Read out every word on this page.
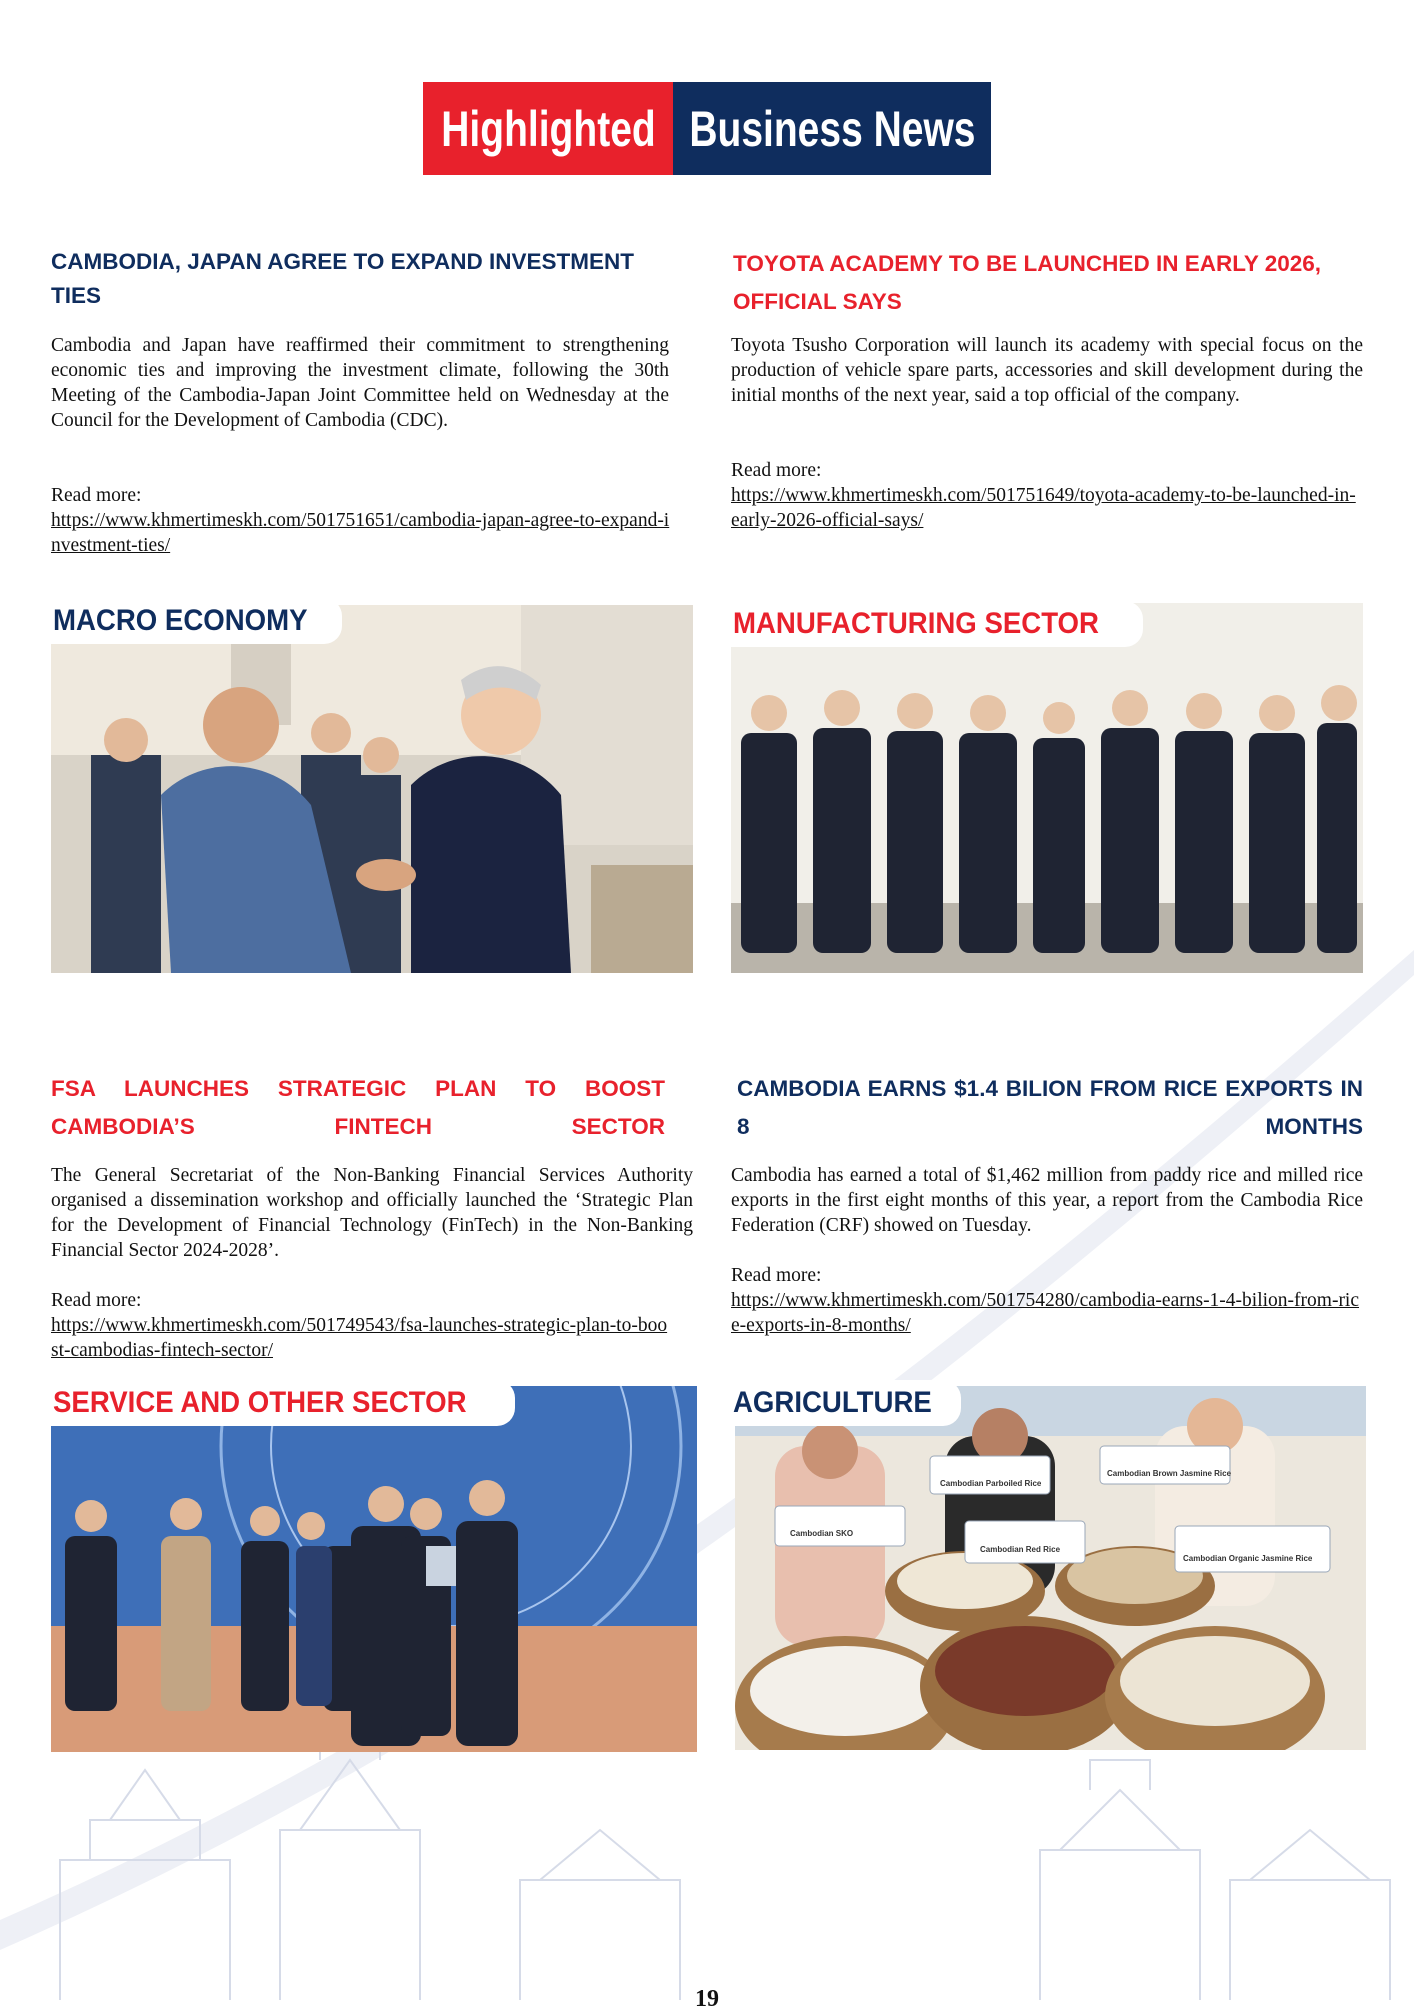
Highlighted Business News
CAMBODIA, JAPAN AGREE TO EXPAND INVESTMENT TIES
Cambodia and Japan have reaffirmed their commitment to strengthening economic ties and improving the investment climate, following the 30th Meeting of the Cambodia-Japan Joint Committee held on Wednesday at the Council for the Development of Cambodia (CDC).
Read more:
https://www.khmertimeskh.com/501751651/cambodia-japan-agree-to-expand-investment-ties/
TOYOTA ACADEMY TO BE LAUNCHED IN EARLY 2026, OFFICIAL SAYS
Toyota Tsusho Corporation will launch its academy with special focus on the production of vehicle spare parts, accessories and skill development during the initial months of the next year, said a top official of the company.
Read more:
https://www.khmertimeskh.com/501751649/toyota-academy-to-be-launched-in-early-2026-official-says/
MACRO ECONOMY	MANUFACTURING SECTOR
FSA LAUNCHES STRATEGIC PLAN TO BOOST CAMBODIA’S FINTECH SECTOR
The General Secretariat of the Non-Banking Financial Services Authority organised a dissemination workshop and officially launched the ‘Strategic Plan for the Development of Financial Technology (FinTech) in the Non-Banking Financial Sector 2024-2028’.
Read more:
https://www.khmertimeskh.com/501749543/fsa-launches-strategic-plan-to-boost-cambodias-fintech-sector/
CAMBODIA EARNS $1.4 BILION FROM RICE EXPORTS IN 8 MONTHS
Cambodia has earned a total of $1,462 million from paddy rice and milled rice exports in the first eight months of this year, a report from the Cambodia Rice Federation (CRF) showed on Tuesday.
Read more:
https://www.khmertimeskh.com/501754280/cambodia-earns-1-4-bilion-from-rice-exports-in-8-months/
SERVICE AND OTHER SECTOR
Cambodian SKO
Cambodian Parboiled Rice
Cambodian Brown Jasmine Rice
Cambodian Red Rice
Cambodian Organic Jasmine Rice
AGRICULTURE
19
